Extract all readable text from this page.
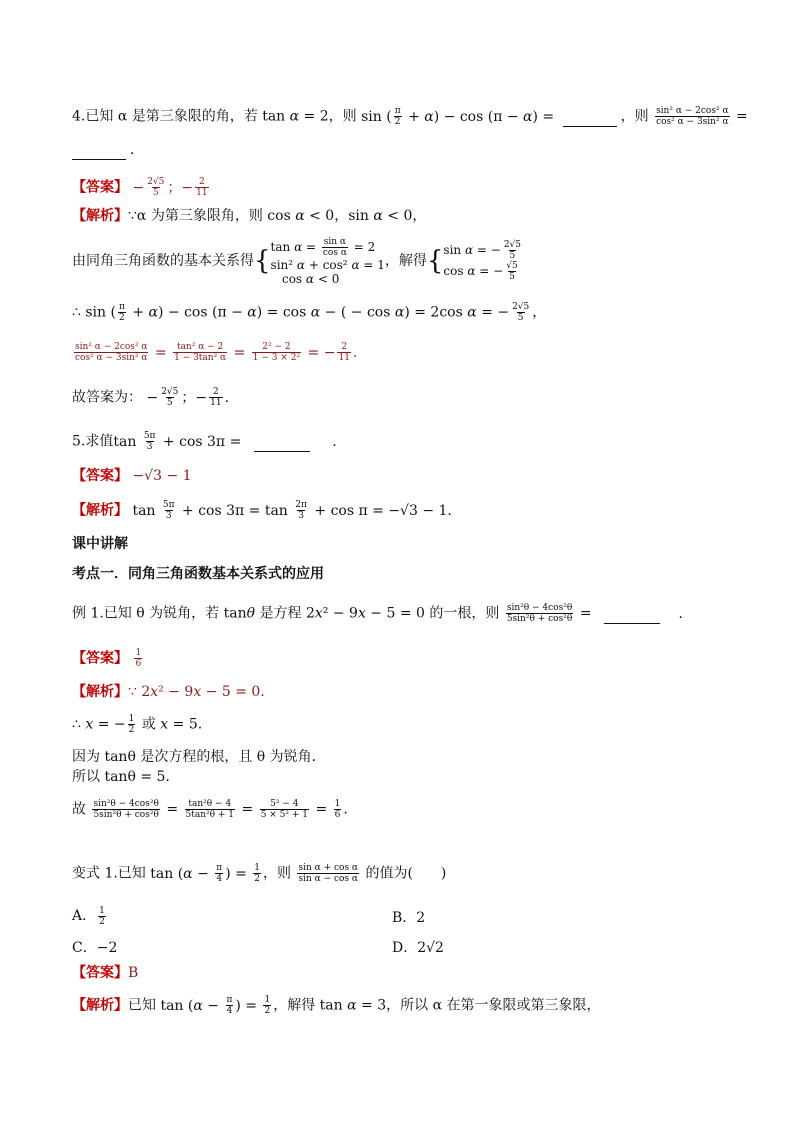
4.已知 α 是第三象限的角，若 tan α = 2，则 sin ( $\frac{\pi}{2} + \alpha) - \cos (\pi - \alpha)$ =	，则 $\frac{\text{sin² α − 2cos² α}}{\text{cos² α − 3sin² α}}$ =
.
【答案】 − $\frac{2√5}{5}$ ；− $\frac{2}{11}$
【解析】∵α 为第三象限角，则 cos α < 0，sin α < 0，
由同角三角函数的基本关系得 { $\tan \alpha = \frac{\text{sin α}}{\text{cos α}} = 2$
sin² α + cos² α = 1
cos α < 0
，解得 { sin α = − $\frac{2√5}{5}$
cos α = − $\frac{√5}{5}$
∴ sin ( $\frac{\pi}{2} + \alpha) - \cos (\pi - \alpha) = \cos \alpha$ − ( − cos α) = 2cos α = − $\frac{2√5}{5}$ ，
$\frac{\text{sin² α − 2cos² α}}{\text{cos² α − 3sin² α}} = \frac{\text{tan² α − 2}}{\text{1 − 3tan² α}} = \frac{\text{2² − 2}}{\text{1 − 3 × 2²}}$ = − $\frac{2}{11}$ .
故答案为： − $\frac{2√5}{5}$ ；− $\frac{2}{11}$ .
5.求值$\tan \frac{5\pi}{3} + \cos 3\pi$ =	.
【答案】 −√3 − 1
【解析】 $\tan \frac{5\pi}{3} + \cos 3\pi = \tan \frac{2\pi}{3} + \cos \pi = -√3 - 1$.
课中讲解
考点一．同角三角函数基本关系式的应用
例 1.已知 θ 为锐角，若 tanθ 是方程 2x² − 9x − 5 = 0 的一根，则 $\frac{\text{sin²θ − 4cos²θ}}{\text{5sin²θ + cos²θ}}$ =	.
【答案】 $\frac{1}{6}$
【解析】∵ 2x² − 9x − 5 = 0.
∴ x = − $\frac{1}{2}$ 或 x = 5.
因为 tanθ 是次方程的根，且 θ 为锐角．
所以 tanθ = 5.
故 $\frac{\text{sin²θ − 4cos²θ}}{\text{5sin²θ + cos²θ}} = \frac{\text{tan²θ − 4}}{\text{5tan²θ + 1}} = \frac{\text{5² − 4}}{\text{5 × 5² + 1}} = \frac{1}{6}$ .
变式 1.已知 $\tan (\alpha - \frac{\pi}{4}$ ) = $\frac{1}{2}$ ，则 $\frac{\text{sin α + cos α}}{\text{sin α − cos α}}$ 的值为(　　)
A． $\frac{1}{2}$	B．2
C．−2	D．2√2
【答案】B
【解析】已知 $\tan (\alpha - \frac{\pi}{4}$ ) = $\frac{1}{2}$ ，解得 tan α = 3，所以 α 在第一象限或第三象限，
